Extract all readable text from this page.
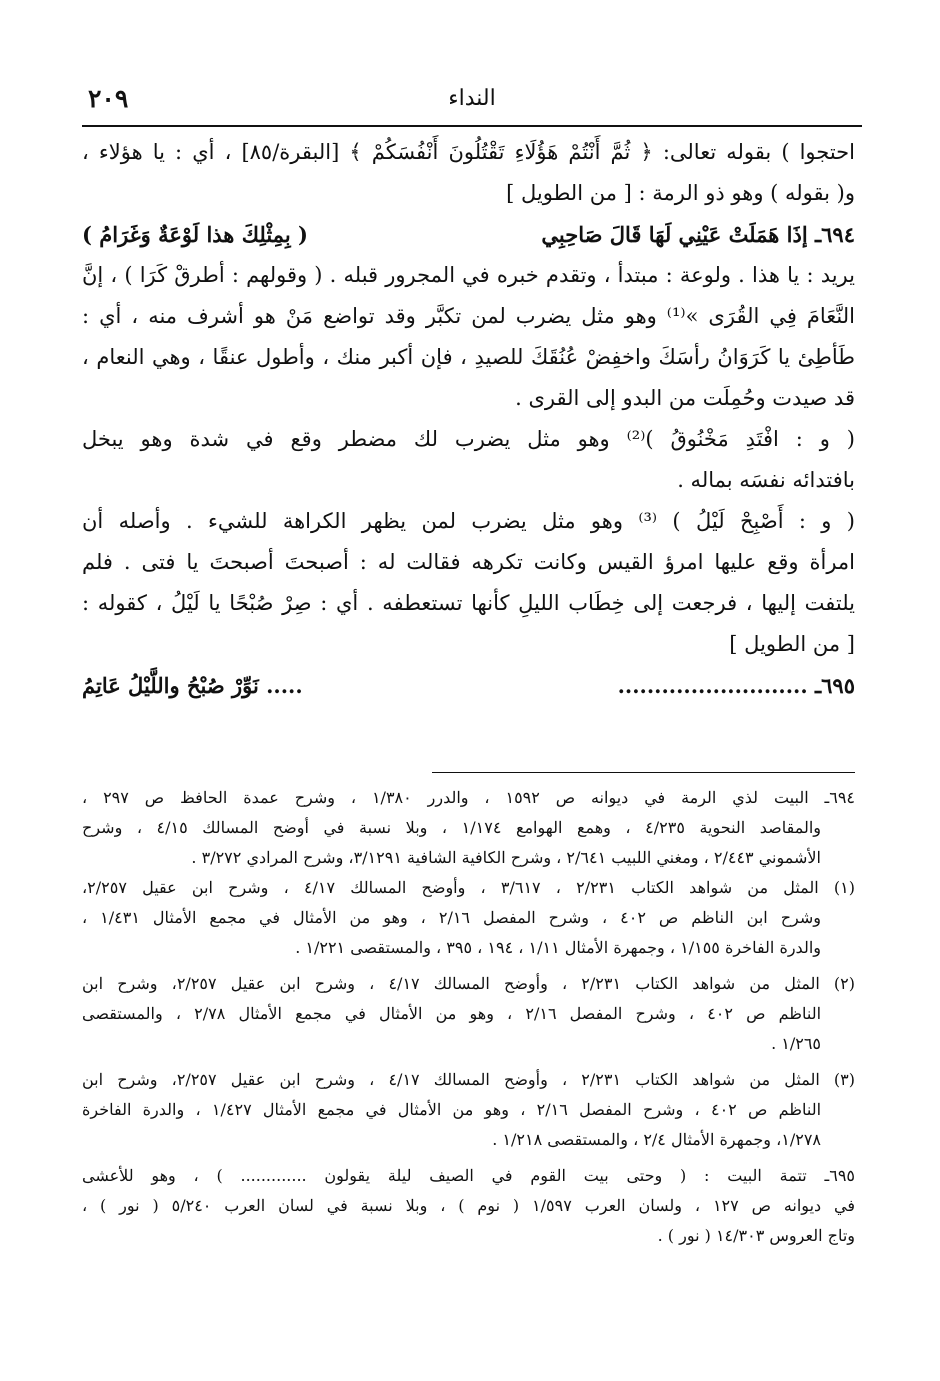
٢٠٩	النداء
احتجوا ) بقوله تعالى: ﴿ ثُمَّ أَنْتُمْ هَؤُلَاءِ تَقْتُلُونَ أَنْفُسَكُمْ ﴾ [البقرة/٨٥] ، أي : يا هؤلاء ،
و( بقوله ) وهو ذو الرمة : [ من الطويل ]
٦٩٤ـ إذَا هَمَلَتْ عَيْنِي لَهَا قَالَ صَاحِبِي
( بِمِثْلِكَ هذا لَوْعَةٌ وَغَرَامُ )
يريد : يا هذا . ولوعة : مبتدأ ، وتقدم خبره في المجرور قبله . ( وقولهم : أطرقْ كَرَا ) ، إنَّ
النَّعَامَ فِي القُرَى »⁽¹⁾ وهو مثل يضرب لمن تكبَّر وقد تواضع مَنْ هو أشرف منه ، أي :
طَأطِئ يا كَرَوَانُ رأسَكَ واخفِضْ عُنُقَكَ للصيدِ ، فإن أكبر منك ، وأطول عنقًا ، وهي النعام ،
قد صيدت وحُمِلَت من البدو إلى القرى .
( و : افْتَدِ مَخْنُوقُ )⁽²⁾ وهو مثل يضرب لك مضطر وقع في شدة وهو يبخل
بافتدائه نفسَه بماله .
( و : أَصْبِحْ لَيْلُ ) ⁽³⁾ وهو مثل يضرب لمن يظهر الكراهة للشيء . وأصله أن
امرأة وقع عليها امرؤ القيس وكانت تكرهه فقالت له : أصبحتَ أصبحتَ يا فتى . فلم
يلتفت إليها ، فرجعت إلى خِطَاب الليلِ كأنها تستعطفه . أي : صِرْ صُبْحًا يا لَيْلُ ، كقوله :
[ من الطويل ]
٦٩٥ـ ..........................
..... نَوِّرْ صُبْحُ واللَّيْلُ عَاتِمُ
٦٩٤ـ البيت لذي الرمة في ديوانه ص ١٥٩٢ ، والدرر ١/٣٨٠ ، وشرح عمدة الحافظ ص ٢٩٧ ،
والمقاصد النحوية ٤/٢٣٥ ، وهمع الهوامع ١/١٧٤ ، وبلا نسبة في أوضح المسالك ٤/١٥ ، وشرح
الأشموني ٢/٤٤٣ ، ومغني اللبيب ٢/٦٤١ ، وشرح الكافية الشافية ٣/١٢٩١، وشرح المرادي ٣/٢٧٢ .
(١) المثل من شواهد الكتاب ٢/٢٣١ ، ٣/٦١٧ ، وأوضح المسالك ٤/١٧ ، وشرح ابن عقيل ٢/٢٥٧،
وشرح ابن الناظم ص ٤٠٢ ، وشرح المفصل ٢/١٦ ، وهو من الأمثال في مجمع الأمثال ١/٤٣١ ،
والدرة الفاخرة ١/١٥٥ ، وجمهرة الأمثال ١/١١ ، ١٩٤ ، ٣٩٥ ، والمستقصى ١/٢٢١ .
(٢) المثل من شواهد الكتاب ٢/٢٣١ ، وأوضح المسالك ٤/١٧ ، وشرح ابن عقيل ٢/٢٥٧، وشرح ابن
الناظم ص ٤٠٢ ، وشرح المفصل ٢/١٦ ، وهو من الأمثال في مجمع الأمثال ٢/٧٨ ، والمستقصى
١/٢٦٥ .
(٣) المثل من شواهد الكتاب ٢/٢٣١ ، وأوضح المسالك ٤/١٧ ، وشرح ابن عقيل ٢/٢٥٧، وشرح ابن
الناظم ص ٤٠٢ ، وشرح المفصل ٢/١٦ ، وهو من الأمثال في مجمع الأمثال ١/٤٢٧ ، والدرة الفاخرة
١/٢٧٨، وجمهرة الأمثال ٢/٤ ، والمستقصى ١/٢١٨ .
٦٩٥ـ تتمة البيت : ( وحتى بيت القوم في الصيف ليلة يقولون ............. ) ، وهو للأعشى
في ديوانه ص ١٢٧ ، ولسان العرب ١/٥٩٧ ( نوم ) ، وبلا نسبة في لسان العرب ٥/٢٤٠ ( نور ) ،
وتاج العروس ١٤/٣٠٣ ( نور ) .
